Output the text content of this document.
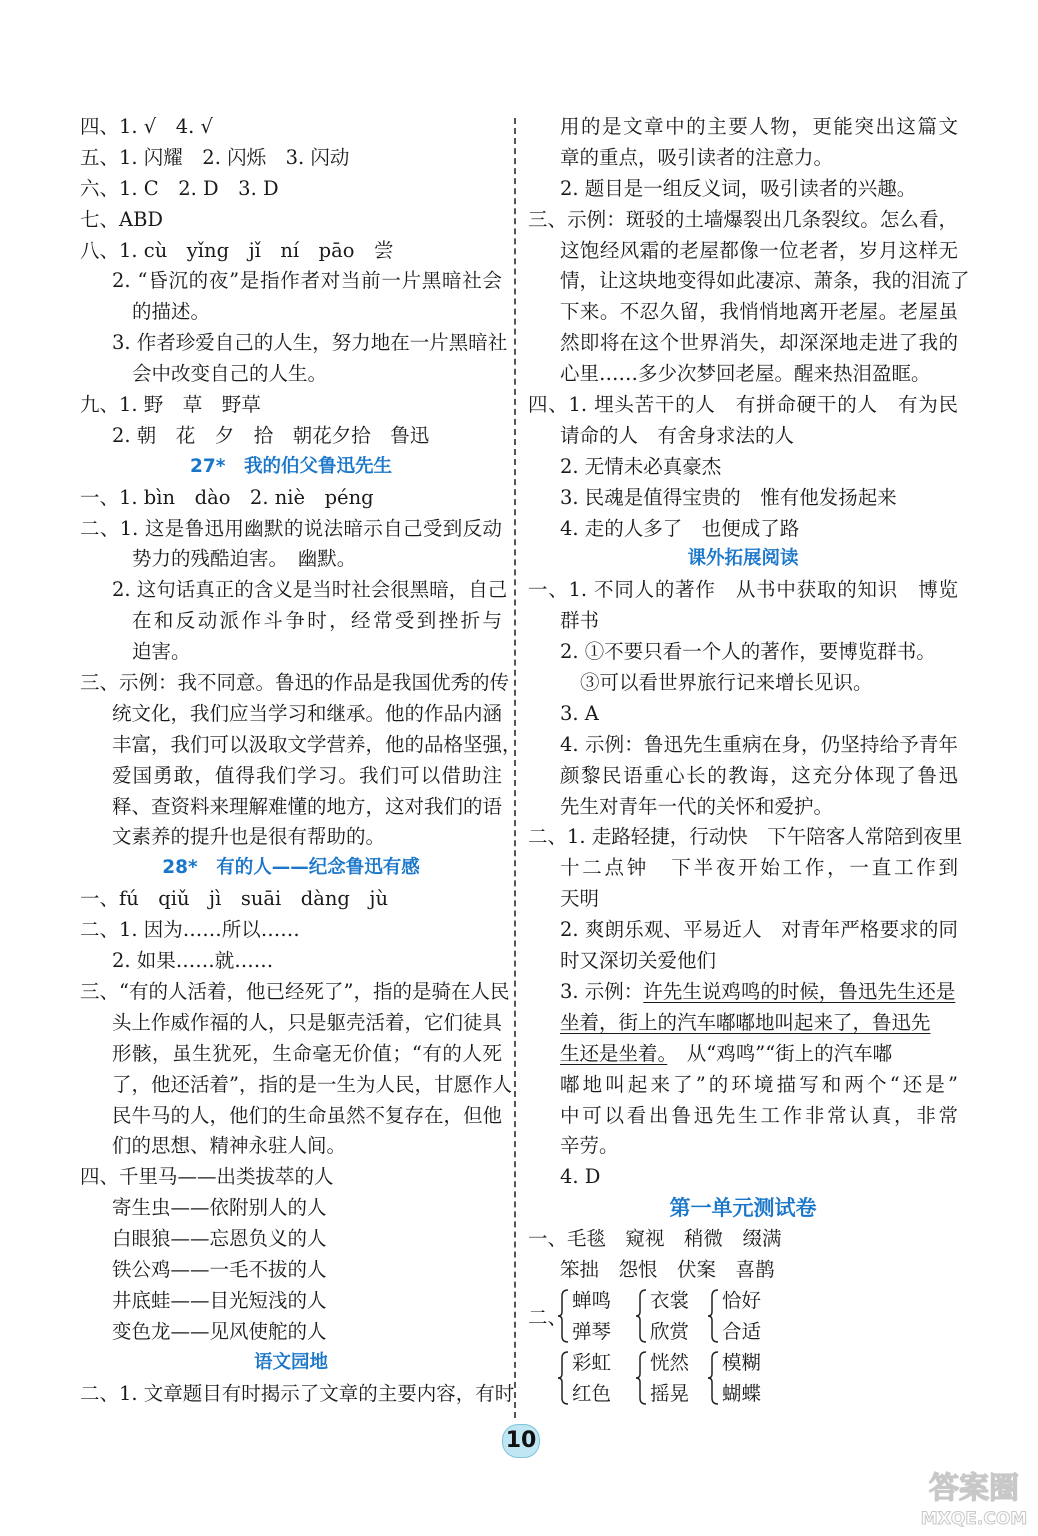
四、1. √　4. √
五、1. 闪耀　2. 闪烁　3. 闪动
六、1. C　2. D　3. D
七、ABD
八、1. cù　yǐng　jǐ　ní　pāo　尝
2. “昏沉的夜”是指作者对当前一片黑暗社会
的描述。
3. 作者珍爱自己的人生，努力地在一片黑暗社
会中改变自己的人生。
九、1. 野　草　野草
2. 朝　花　夕　拾　朝花夕拾　鲁迅
27*　我的伯父鲁迅先生
一、1. bìn　dào　2. niè　péng
二、1. 这是鲁迅用幽默的说法暗示自己受到反动
势力的残酷迫害。　幽默。
2. 这句话真正的含义是当时社会很黑暗，自己
在和反动派作斗争时，经常受到挫折与
迫害。
三、示例：我不同意。鲁迅的作品是我国优秀的传
统文化，我们应当学习和继承。他的作品内涵
丰富，我们可以汲取文学营养，他的品格坚强，
爱国勇敢，值得我们学习。我们可以借助注
释、查资料来理解难懂的地方，这对我们的语
文素养的提升也是很有帮助的。
28*　有的人——纪念鲁迅有感
一、fú　qiǔ　jì　suāi　dàng　jù
二、1. 因为……所以……
2. 如果……就……
三、“有的人活着，他已经死了”，指的是骑在人民
头上作威作福的人，只是躯壳活着，它们徒具
形骸，虽生犹死，生命毫无价值；“有的人死
了，他还活着”，指的是一生为人民，甘愿作人
民牛马的人，他们的生命虽然不复存在，但他
们的思想、精神永驻人间。
四、千里马——出类拔萃的人
寄生虫——依附别人的人
白眼狼——忘恩负义的人
铁公鸡——一毛不拔的人
井底蛙——目光短浅的人
变色龙——见风使舵的人
语文园地
二、1. 文章题目有时揭示了文章的主要内容，有时
用的是文章中的主要人物，更能突出这篇文
章的重点，吸引读者的注意力。
2. 题目是一组反义词，吸引读者的兴趣。
三、示例：斑驳的土墙爆裂出几条裂纹。怎么看，
这饱经风霜的老屋都像一位老者，岁月这样无
情，让这块地变得如此凄凉、萧条，我的泪流了
下来。不忍久留，我悄悄地离开老屋。老屋虽
然即将在这个世界消失，却深深地走进了我的
心里……多少次梦回老屋。醒来热泪盈眶。
四、1. 埋头苦干的人　有拼命硬干的人　有为民
请命的人　有舍身求法的人
2. 无情未必真豪杰
3. 民魂是值得宝贵的　惟有他发扬起来
4. 走的人多了　也便成了路
课外拓展阅读
一、1. 不同人的著作　从书中获取的知识　博览
群书
2. ①不要只看一个人的著作，要博览群书。
③可以看世界旅行记来增长见识。
3. A
4. 示例：鲁迅先生重病在身，仍坚持给予青年
颜黎民语重心长的教诲，这充分体现了鲁迅
先生对青年一代的关怀和爱护。
二、1. 走路轻捷，行动快　下午陪客人常陪到夜里
十二点钟　下半夜开始工作，一直工作到
天明
2. 爽朗乐观、平易近人　对青年严格要求的同
时又深切关爱他们
3. 示例：许先生说鸡鸣的时候，鲁迅先生还是
坐着，街上的汽车嘟嘟地叫起来了，鲁迅先
生还是坐着。　从“鸡鸣”“街上的汽车嘟
嘟地叫起来了”的环境描写和两个“还是”
中可以看出鲁迅先生工作非常认真，非常
辛劳。
4. D
第一单元测试卷
一、毛毯　窥视　稍微　缀满
笨拙　怨恨　伏案　喜鹊
二、
蝉鸣
弹琴
衣裳
欣赏
恰好
合适
彩虹
红色
恍然
摇晃
模糊
蝴蝶
10
答案圈
MXQE.COM
